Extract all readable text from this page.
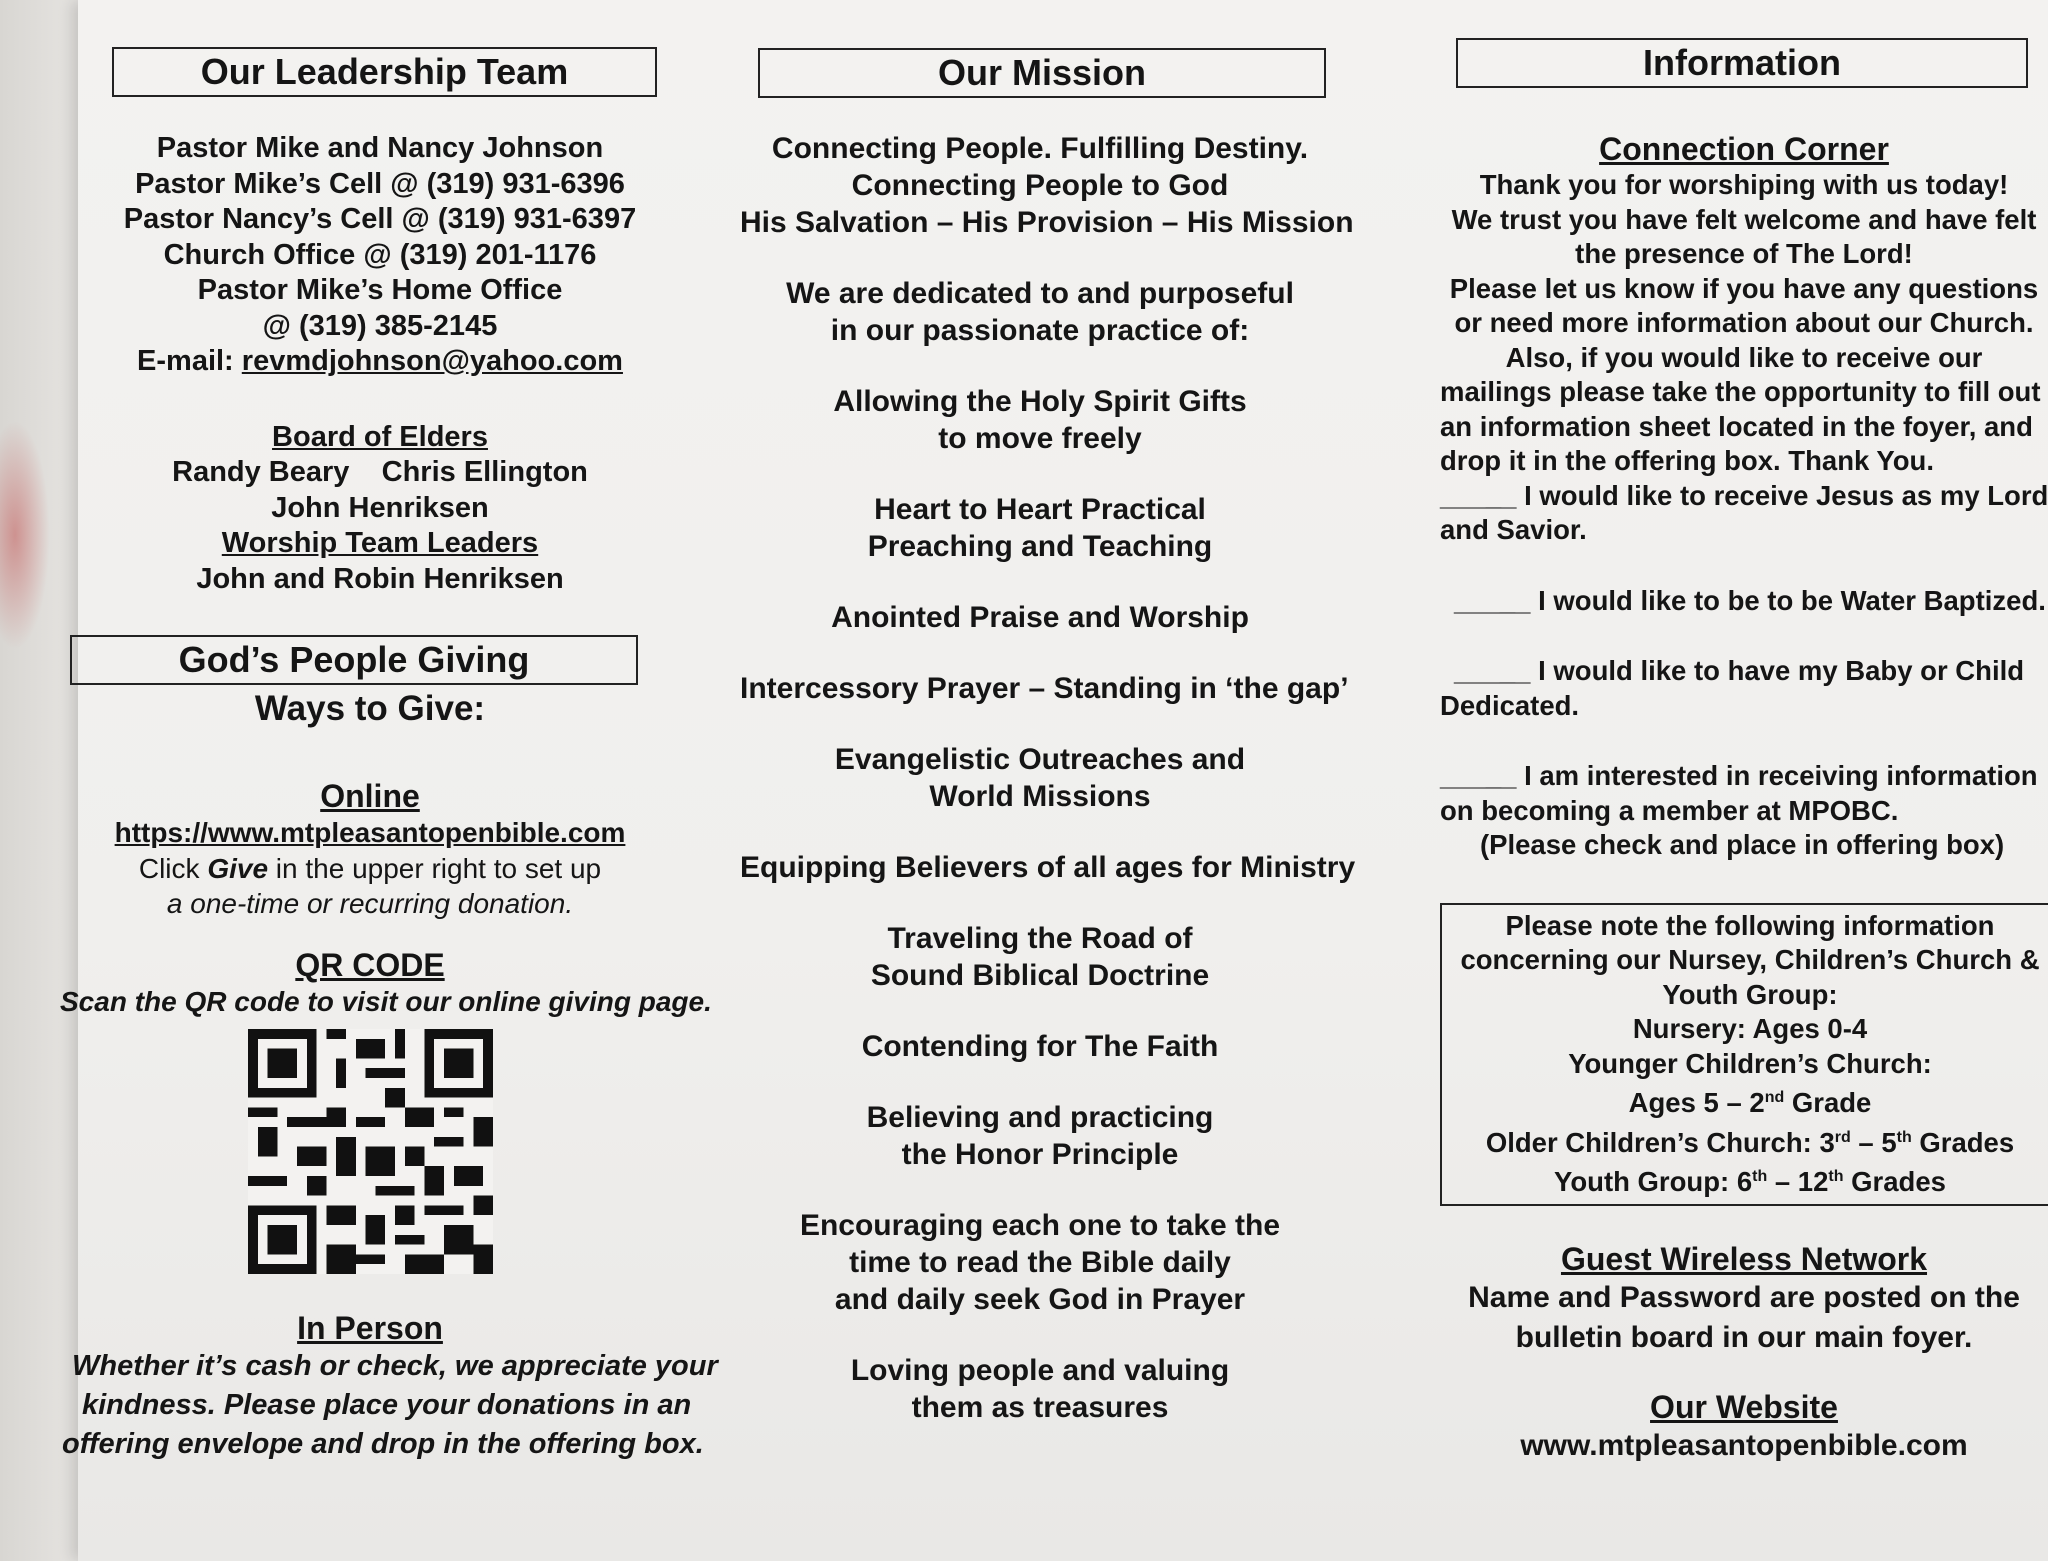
Our Leadership Team
Pastor Mike and Nancy Johnson
Pastor Mike’s Cell @ (319) 931-6396
Pastor Nancy’s Cell @ (319) 931-6397
Church Office @ (319) 201-1176
Pastor Mike’s Home Office
@ (319) 385-2145
E-mail: revmdjohnson@yahoo.com
Board of Elders
Randy Beary    Chris Ellington
John Henriksen
Worship Team Leaders
John and Robin Henriksen
God’s People Giving
Ways to Give:
Online
https://www.mtpleasantopenbible.com
Click Give in the upper right to set up
a one-time or recurring donation.
QR CODE
Scan the QR code to visit our online giving page.
In Person
Whether it’s cash or check, we appreciate your
kindness. Please place your donations in an
offering envelope and drop in the offering box.
Our Mission
Connecting People. Fulfilling Destiny.
Connecting People to God
His Salvation – His Provision – His Mission
We are dedicated to and purposeful
in our passionate practice of:
Allowing the Holy Spirit Gifts
to move freely
Heart to Heart Practical
Preaching and Teaching
Anointed Praise and Worship
Intercessory Prayer – Standing in ‘the gap’
Evangelistic Outreaches and
World Missions
Equipping Believers of all ages for Ministry
Traveling the Road of
Sound Biblical Doctrine
Contending for The Faith
Believing and practicing
the Honor Principle
Encouraging each one to take the
time to read the Bible daily
and daily seek God in Prayer
Loving people and valuing
them as treasures
Information
Connection Corner
Thank you for worshiping with us today!
We trust you have felt welcome and have felt
the presence of The Lord!
Please let us know if you have any questions
or need more information about our Church.
Also, if you would like to receive our
mailings please take the opportunity to fill out
an information sheet located in the foyer, and
drop it in the offering box. Thank You.
_____ I would like to receive Jesus as my Lord
and Savior.
_____ I would like to be to be Water Baptized.
_____ I would like to have my Baby or Child
Dedicated.
_____ I am interested in receiving information
on becoming a member at MPOBC.
(Please check and place in offering box)
Please note the following information
concerning our Nursey, Children’s Church &
Youth Group:
Nursery: Ages 0-4
Younger Children’s Church:
Ages 5 – 2nd Grade
Older Children’s Church: 3rd – 5th Grades
Youth Group: 6th – 12th Grades
Guest Wireless Network
Name and Password are posted on the
bulletin board in our main foyer.
Our Website
www.mtpleasantopenbible.com
